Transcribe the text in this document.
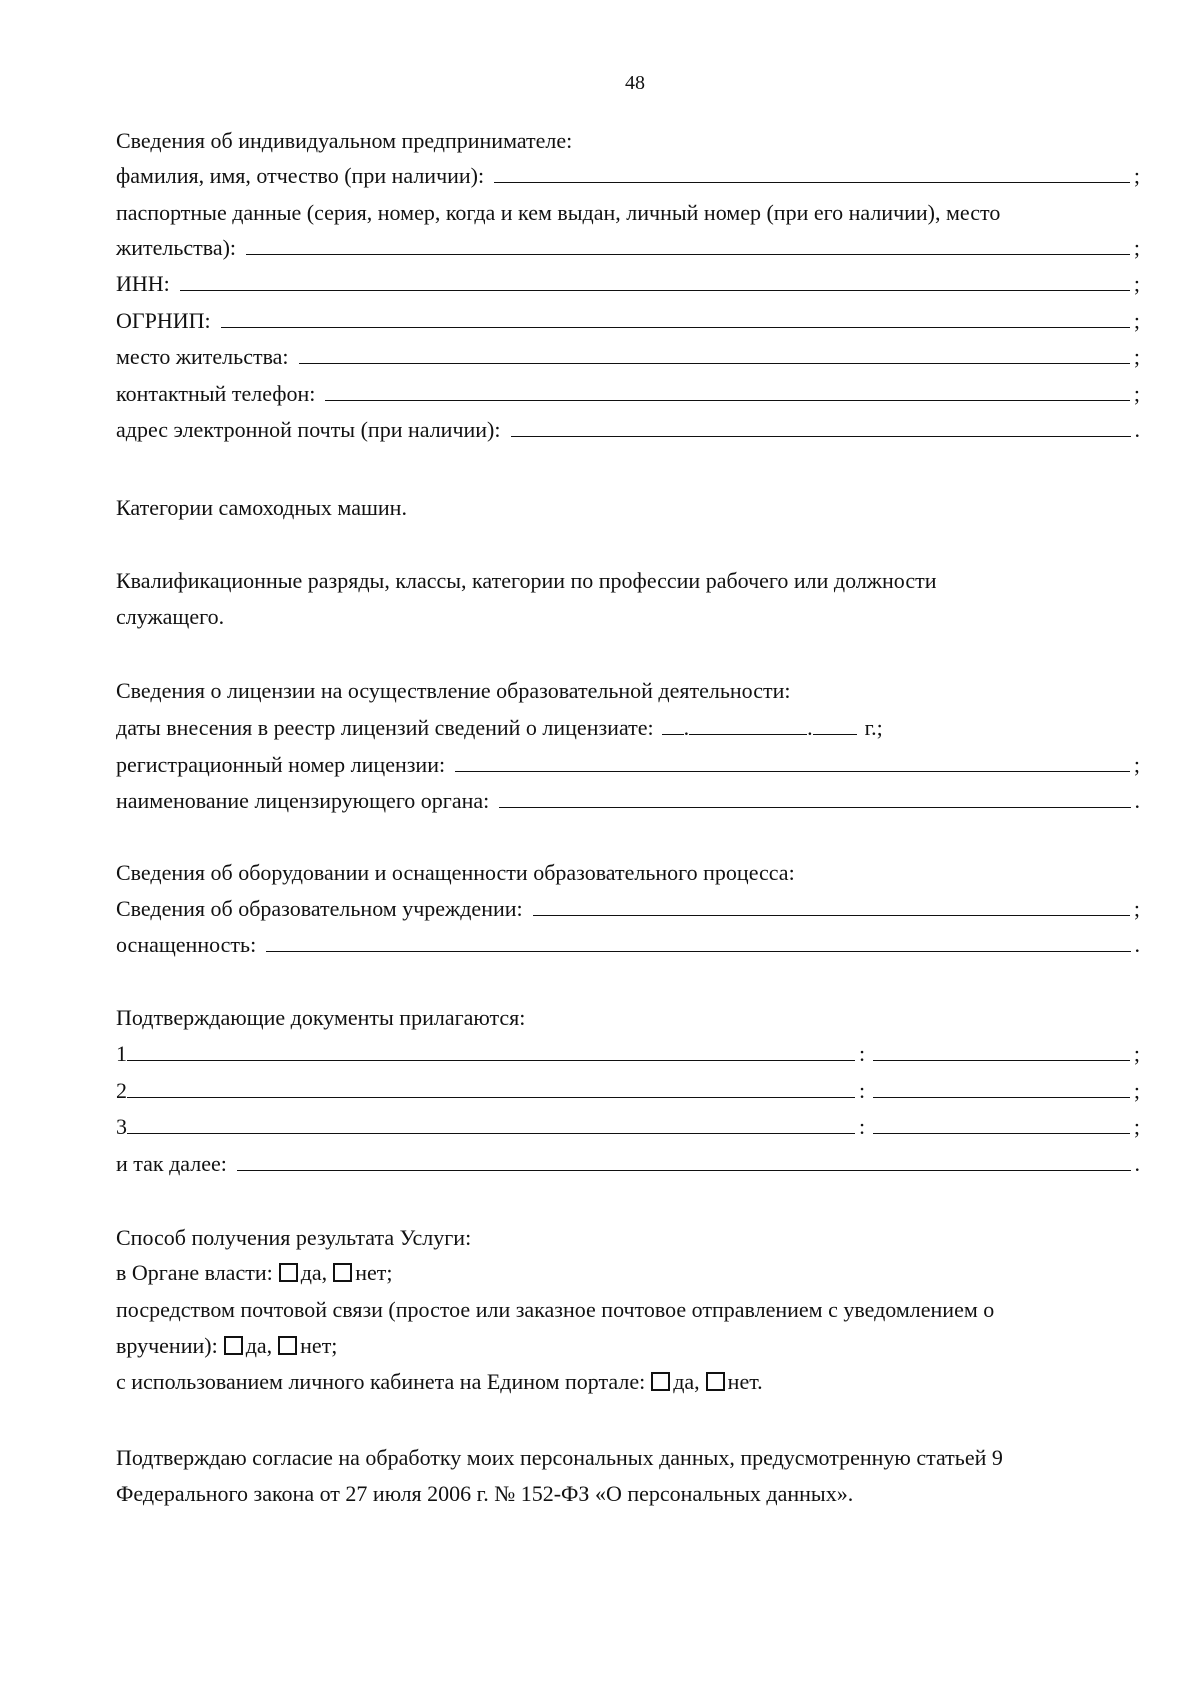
48
Сведения об индивидуальном предпринимателе:
фамилия, имя, отчество (при наличии):	;
паспортные данные (серия, номер, когда и кем выдан, личный номер (при его наличии), место
жительства):	;
ИНН:	;
ОГРНИП:	;
место жительства:	;
контактный телефон:	;
адрес электронной почты (при наличии):	.
Категории самоходных машин.
Квалификационные разряды, классы, категории по профессии рабочего или должности
служащего.
Сведения о лицензии на осуществление образовательной деятельности:
даты внесения в реестр лицензий сведений о лицензиате: .	. г.;
регистрационный номер лицензии:	;
наименование лицензирующего органа:	.
Сведения об оборудовании и оснащенности образовательного процесса:
Сведения об образовательном учреждении:	;
оснащенность:	.
Подтверждающие документы прилагаются:
1	:	;
2	:	;
3	:	;
и так далее:	.
Способ получения результата Услуги:
в Органе власти: да, нет;
посредством почтовой связи (простое или заказное почтовое отправлением с уведомлением о
вручении): да, нет;
с использованием личного кабинета на Едином портале: да, нет.
Подтверждаю согласие на обработку моих персональных данных, предусмотренную статьей 9
Федерального закона от 27 июля 2006 г. № 152-ФЗ «О персональных данных».
